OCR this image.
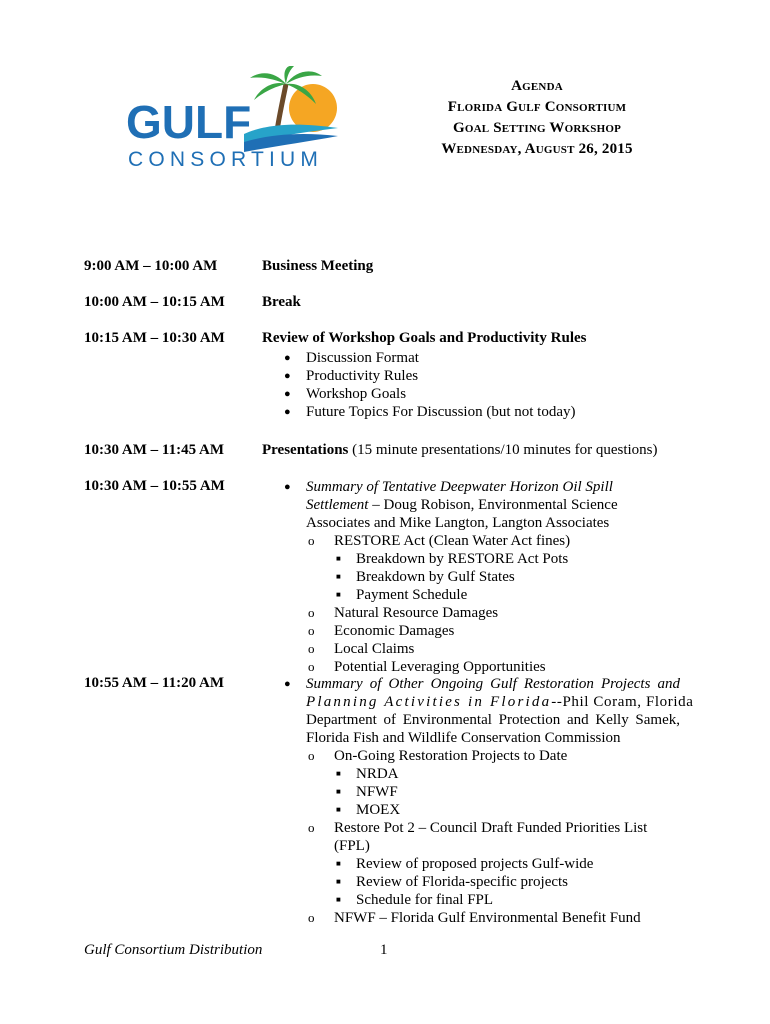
GULF
CONSORTIUM
Agenda
Florida Gulf Consortium
Goal Setting Workshop
Wednesday, August 26, 2015
9:00 AM – 10:00 AM	Business Meeting
10:00 AM – 10:15 AM Break
10:15 AM – 10:30 AM Review of Workshop Goals and Productivity Rules
● Discussion Format
● Productivity Rules
● Workshop Goals
● Future Topics For Discussion (but not today)
10:30 AM – 11:45 AM	Presentations (15 minute presentations/10 minutes for questions)
10:30 AM – 10:55 AM	● Summary of Tentative Deepwater Horizon Oil Spill
Settlement – Doug Robison, Environmental Science
Associates and Mike Langton, Langton Associates
o RESTORE Act (Clean Water Act fines)
■ Breakdown by RESTORE Act Pots
■ Breakdown by Gulf States
■ Payment Schedule
o Natural Resource Damages
o Economic Damages
o Local Claims
o Potential Leveraging Opportunities
10:55 AM – 11:20 AM	● Summary of Other Ongoing Gulf Restoration Projects and
Planning Activities in Florida --Phil Coram, Florida
Department of Environmental Protection and Kelly Samek,
Florida Fish and Wildlife Conservation Commission
o On-Going Restoration Projects to Date
■ NRDA
■ NFWF
■ MOEX
o Restore Pot 2 – Council Draft Funded Priorities List
(FPL)
■ Review of proposed projects Gulf-wide
■ Review of Florida-specific projects
■ Schedule for final FPL
o NFWF – Florida Gulf Environmental Benefit Fund
Gulf Consortium Distribution	1
